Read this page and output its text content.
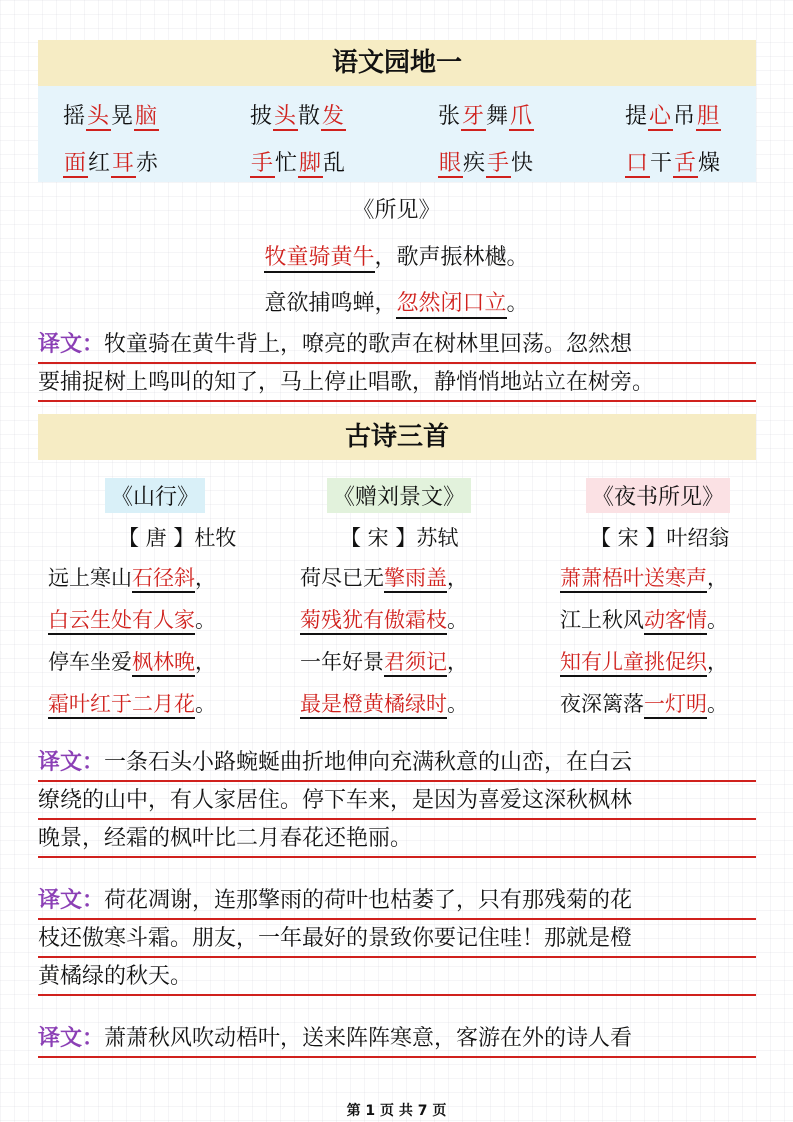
语文园地一
摇头晃脑	披头散发	张牙舞爪	提心吊胆
面红耳赤	手忙脚乱	眼疾手快	口干舌燥
《所见》
牧童骑黄牛，歌声振林樾。
意欲捕鸣蝉，忽然闭口立。
译文：牧童骑在黄牛背上，嘹亮的歌声在树林里回荡。忽然想
要捕捉树上鸣叫的知了，马上停止唱歌，静悄悄地站立在树旁。
古诗三首
《山行》
【 唐 】杜牧
远上寒山石径斜，
白云生处有人家。
停车坐爱枫林晚，
霜叶红于二月花。
《赠刘景文》
【 宋 】苏轼
荷尽已无擎雨盖，
菊残犹有傲霜枝。
一年好景君须记，
最是橙黄橘绿时。
《夜书所见》
【 宋 】叶绍翁
萧萧梧叶送寒声，
江上秋风动客情。
知有儿童挑促织，
夜深篱落一灯明。
译文：一条石头小路蜿蜒曲折地伸向充满秋意的山峦，在白云
缭绕的山中，有人家居住。停下车来，是因为喜爱这深秋枫林
晚景，经霜的枫叶比二月春花还艳丽。
译文：荷花凋谢，连那擎雨的荷叶也枯萎了，只有那残菊的花
枝还傲寒斗霜。朋友，一年最好的景致你要记住哇！那就是橙
黄橘绿的秋天。
译文：萧萧秋风吹动梧叶，送来阵阵寒意，客游在外的诗人看
第 1 页 共 7 页
